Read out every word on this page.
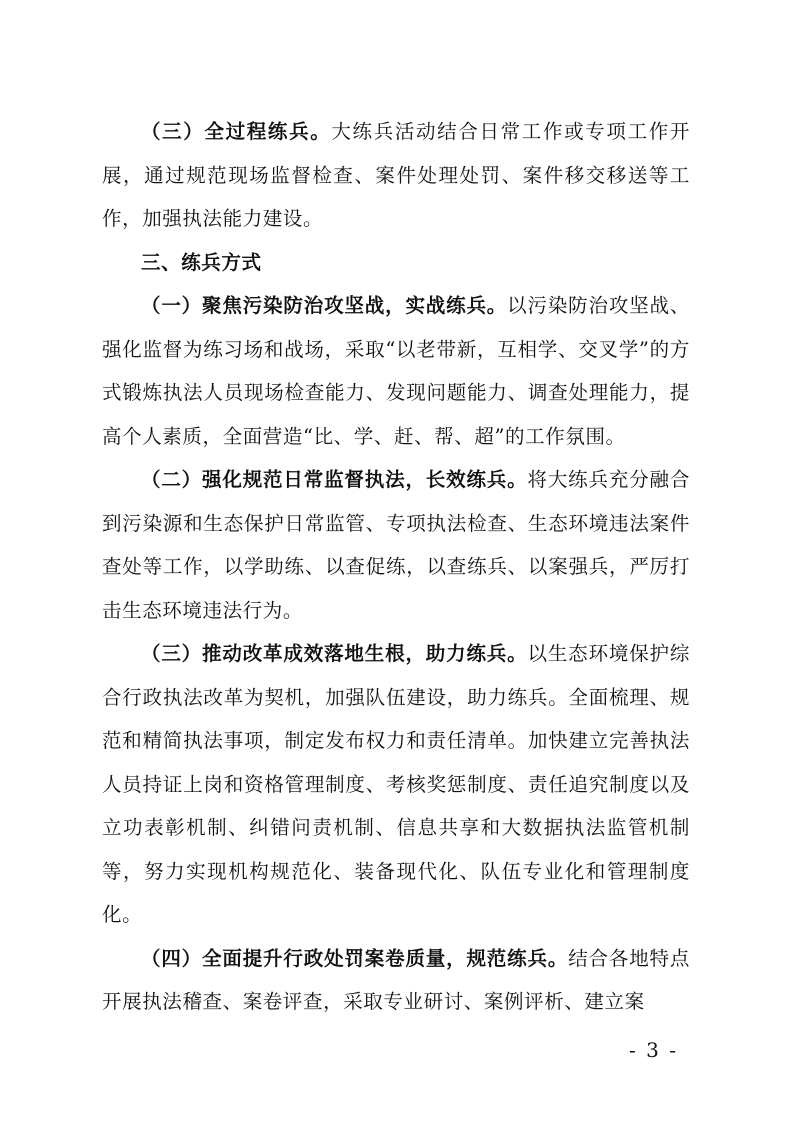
（三）全过程练兵。大练兵活动结合日常工作或专项工作开展，通过规范现场监督检查、案件处理处罚、案件移交移送等工作，加强执法能力建设。

三、练兵方式

（一）聚焦污染防治攻坚战，实战练兵。以污染防治攻坚战、强化监督为练习场和战场，采取“以老带新，互相学、交叉学”的方式锻炼执法人员现场检查能力、发现问题能力、调查处理能力，提高个人素质，全面营造“比、学、赶、帮、超”的工作氛围。

（二）强化规范日常监督执法，长效练兵。将大练兵充分融合到污染源和生态保护日常监管、专项执法检查、生态环境违法案件查处等工作，以学助练、以查促练，以查练兵、以案强兵，严厉打击生态环境违法行为。

（三）推动改革成效落地生根，助力练兵。以生态环境保护综合行政执法改革为契机，加强队伍建设，助力练兵。全面梳理、规范和精简执法事项，制定发布权力和责任清单。加快建立完善执法人员持证上岗和资格管理制度、考核奖惩制度、责任追究制度以及立功表彰机制、纠错问责机制、信息共享和大数据执法监管机制等，努力实现机构规范化、装备现代化、队伍专业化和管理制度化。

（四）全面提升行政处罚案卷质量，规范练兵。结合各地特点开展执法稽查、案卷评查，采取专业研讨、案例评析、建立案

- 3 -
